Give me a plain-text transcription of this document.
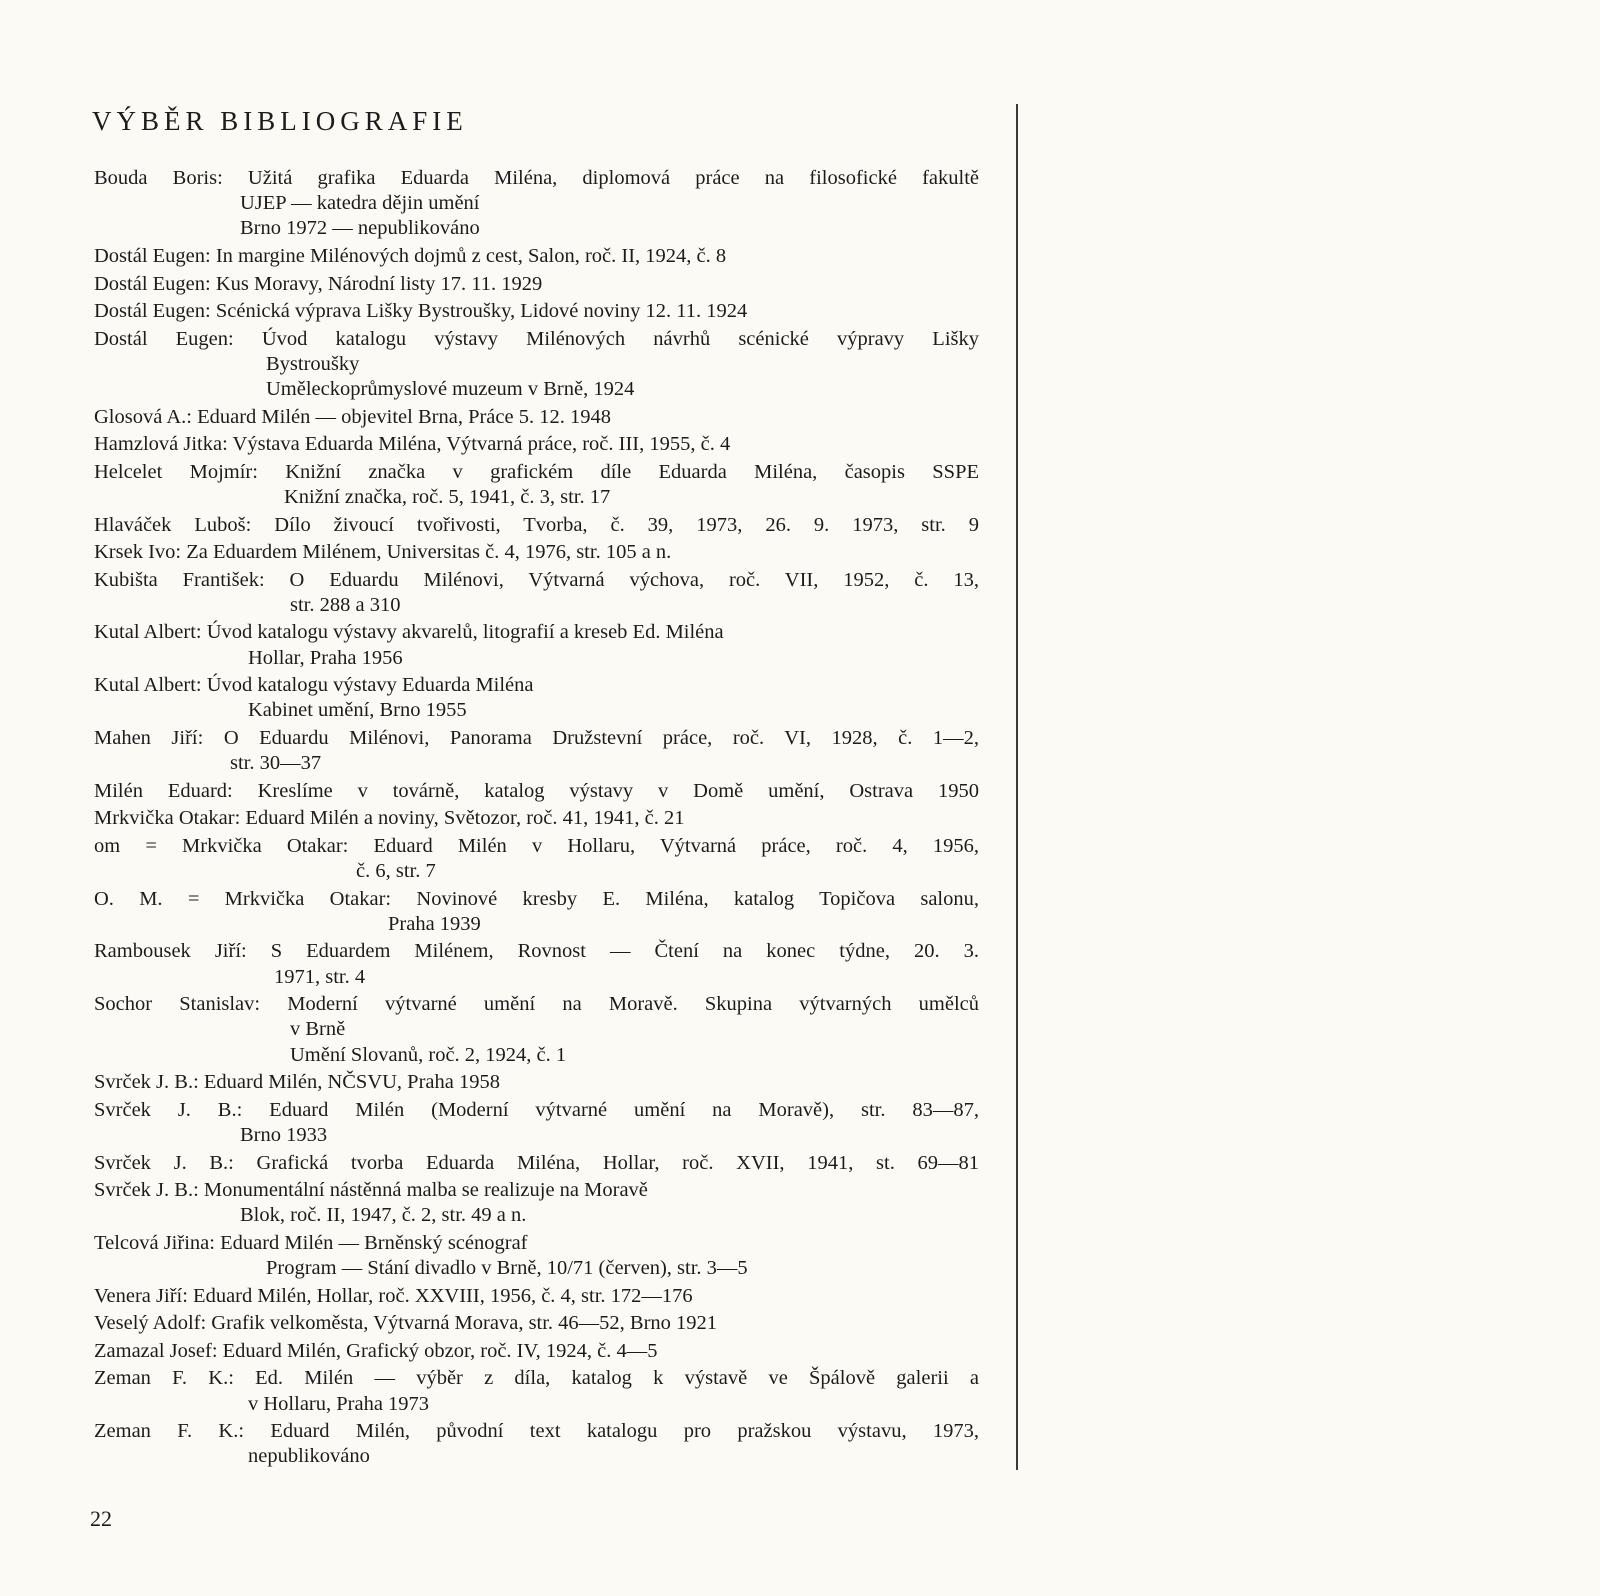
VÝBĚR BIBLIOGRAFIE
Bouda Boris: Užitá grafika Eduarda Miléna, diplomová práce na filosofické fakultě
UJEP — katedra dějin umění
Brno 1972 — nepublikováno
Dostál Eugen: In margine Milénových dojmů z cest, Salon, roč. II, 1924, č. 8
Dostál Eugen: Kus Moravy, Národní listy 17. 11. 1929
Dostál Eugen: Scénická výprava Lišky Bystroušky, Lidové noviny 12. 11. 1924
Dostál Eugen: Úvod katalogu výstavy Milénových návrhů scénické výpravy Lišky
Bystroušky
Uměleckoprůmyslové muzeum v Brně, 1924
Glosová A.: Eduard Milén — objevitel Brna, Práce 5. 12. 1948
Hamzlová Jitka: Výstava Eduarda Miléna, Výtvarná práce, roč. III, 1955, č. 4
Helcelet Mojmír: Knižní značka v grafickém díle Eduarda Miléna, časopis SSPE
Knižní značka, roč. 5, 1941, č. 3, str. 17
Hlaváček Luboš: Dílo živoucí tvořivosti, Tvorba, č. 39, 1973, 26. 9. 1973, str. 9
Krsek Ivo: Za Eduardem Milénem, Universitas č. 4, 1976, str. 105 a n.
Kubišta František: O Eduardu Milénovi, Výtvarná výchova, roč. VII, 1952, č. 13,
str. 288 a 310
Kutal Albert: Úvod katalogu výstavy akvarelů, litografií a kreseb Ed. Miléna
Hollar, Praha 1956
Kutal Albert: Úvod katalogu výstavy Eduarda Miléna
Kabinet umění, Brno 1955
Mahen Jiří: O Eduardu Milénovi, Panorama Družstevní práce, roč. VI, 1928, č. 1—2,
str. 30—37
Milén Eduard: Kreslíme v továrně, katalog výstavy v Domě umění, Ostrava 1950
Mrkvička Otakar: Eduard Milén a noviny, Světozor, roč. 41, 1941, č. 21
om = Mrkvička Otakar: Eduard Milén v Hollaru, Výtvarná práce, roč. 4, 1956,
č. 6, str. 7
O. M. = Mrkvička Otakar: Novinové kresby E. Miléna, katalog Topičova salonu,
Praha 1939
Rambousek Jiří: S Eduardem Milénem, Rovnost — Čtení na konec týdne, 20. 3.
1971, str. 4
Sochor Stanislav: Moderní výtvarné umění na Moravě. Skupina výtvarných umělců
v Brně
Umění Slovanů, roč. 2, 1924, č. 1
Svrček J. B.: Eduard Milén, NČSVU, Praha 1958
Svrček J. B.: Eduard Milén (Moderní výtvarné umění na Moravě), str. 83—87,
Brno 1933
Svrček J. B.: Grafická tvorba Eduarda Miléna, Hollar, roč. XVII, 1941, st. 69—81
Svrček J. B.: Monumentální nástěnná malba se realizuje na Moravě
Blok, roč. II, 1947, č. 2, str. 49 a n.
Telcová Jiřina: Eduard Milén — Brněnský scénograf
Program — Stání divadlo v Brně, 10/71 (červen), str. 3—5
Venera Jiří: Eduard Milén, Hollar, roč. XXVIII, 1956, č. 4, str. 172—176
Veselý Adolf: Grafik velkoměsta, Výtvarná Morava, str. 46—52, Brno 1921
Zamazal Josef: Eduard Milén, Grafický obzor, roč. IV, 1924, č. 4—5
Zeman F. K.: Ed. Milén — výběr z díla, katalog k výstavě ve Špálově galerii a
v Hollaru, Praha 1973
Zeman F. K.: Eduard Milén, původní text katalogu pro pražskou výstavu, 1973,
nepublikováno
22
